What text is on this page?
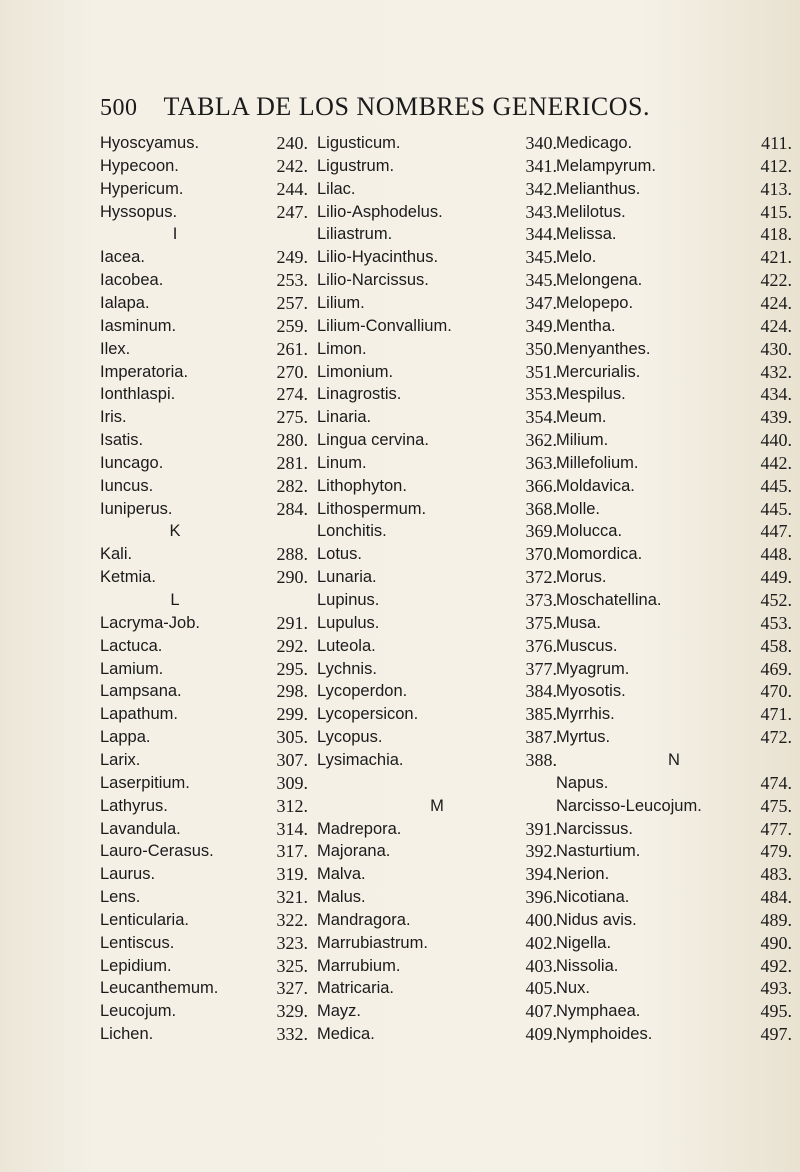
500 TABLA DE LOS NOMBRES GENERICOS.
Hyoscyamus.	240.
Hypecoon.	242.
Hypericum.	244.
Hyssopus.	247.
I
Iacea.	249.
Iacobea.	253.
Ialapa.	257.
Iasminum.	259.
Ilex.	261.
Imperatoria.	270.
Ionthlaspi.	274.
Iris.	275.
Isatis.	280.
Iuncago.	281.
Iuncus.	282.
Iuniperus.	284.
K
Kali.	288.
Ketmia.	290.
L
Lacryma-Job.	291.
Lactuca.	292.
Lamium.	295.
Lampsana.	298.
Lapathum.	299.
Lappa.	305.
Larix.	307.
Laserpitium.	309.
Lathyrus.	312.
Lavandula.	314.
Lauro-Cerasus.	317.
Laurus.	319.
Lens.	321.
Lenticularia.	322.
Lentiscus.	323.
Lepidium.	325.
Leucanthemum.	327.
Leucojum.	329.
Lichen.	332.
Ligusticum.	340.
Ligustrum.	341.
Lilac.	342.
Lilio-Asphodelus.	343.
Liliastrum.	344.
Lilio-Hyacinthus.	345.
Lilio-Narcissus.	345.
Lilium.	347.
Lilium-Convallium.	349.
Limon.	350.
Limonium.	351.
Linagrostis.	353.
Linaria.	354.
Lingua cervina.	362.
Linum.	363.
Lithophyton.	366.
Lithospermum.	368.
Lonchitis.	369.
Lotus.	370.
Lunaria.	372.
Lupinus.	373.
Lupulus.	375.
Luteola.	376.
Lychnis.	377.
Lycoperdon.	384.
Lycopersicon.	385.
Lycopus.	387.
Lysimachia.	388.
M
Madrepora.	391.
Majorana.	392.
Malva.	394.
Malus.	396.
Mandragora.	400.
Marrubiastrum.	402.
Marrubium.	403.
Matricaria.	405.
Mayz.	407.
Medica.	409.
Medicago.	411.
Melampyrum.	412.
Melianthus.	413.
Melilotus.	415.
Melissa.	418.
Melo.	421.
Melongena.	422.
Melopepo.	424.
Mentha.	424.
Menyanthes.	430.
Mercurialis.	432.
Mespilus.	434.
Meum.	439.
Milium.	440.
Millefolium.	442.
Moldavica.	445.
Molle.	445.
Molucca.	447.
Momordica.	448.
Morus.	449.
Moschatellina.	452.
Musa.	453.
Muscus.	458.
Myagrum.	469.
Myosotis.	470.
Myrrhis.	471.
Myrtus.	472.
N
Napus.	474.
Narcisso-Leucojum.	475.
Narcissus.	477.
Nasturtium.	479.
Nerion.	483.
Nicotiana.	484.
Nidus avis.	489.
Nigella.	490.
Nissolia.	492.
Nux.	493.
Nymphaea.	495.
Nymphoides.	497.
